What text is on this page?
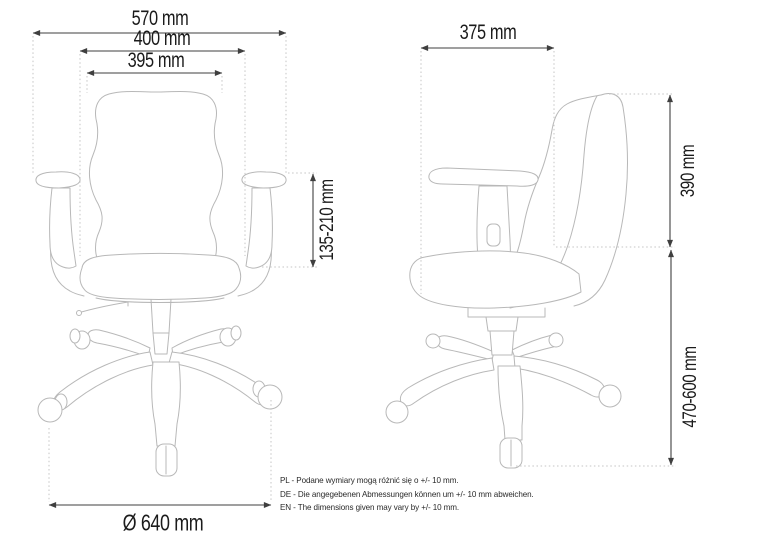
570 mm
400 mm
395 mm
135-210 mm
Ø 640 mm
375 mm
390 mm
470-600 mm
PL - Podane wymiary mogą różnić się o +/- 10 mm.
DE - Die angegebenen Abmessungen können um +/- 10 mm abweichen.
EN - The dimensions given may vary by +/- 10 mm.
